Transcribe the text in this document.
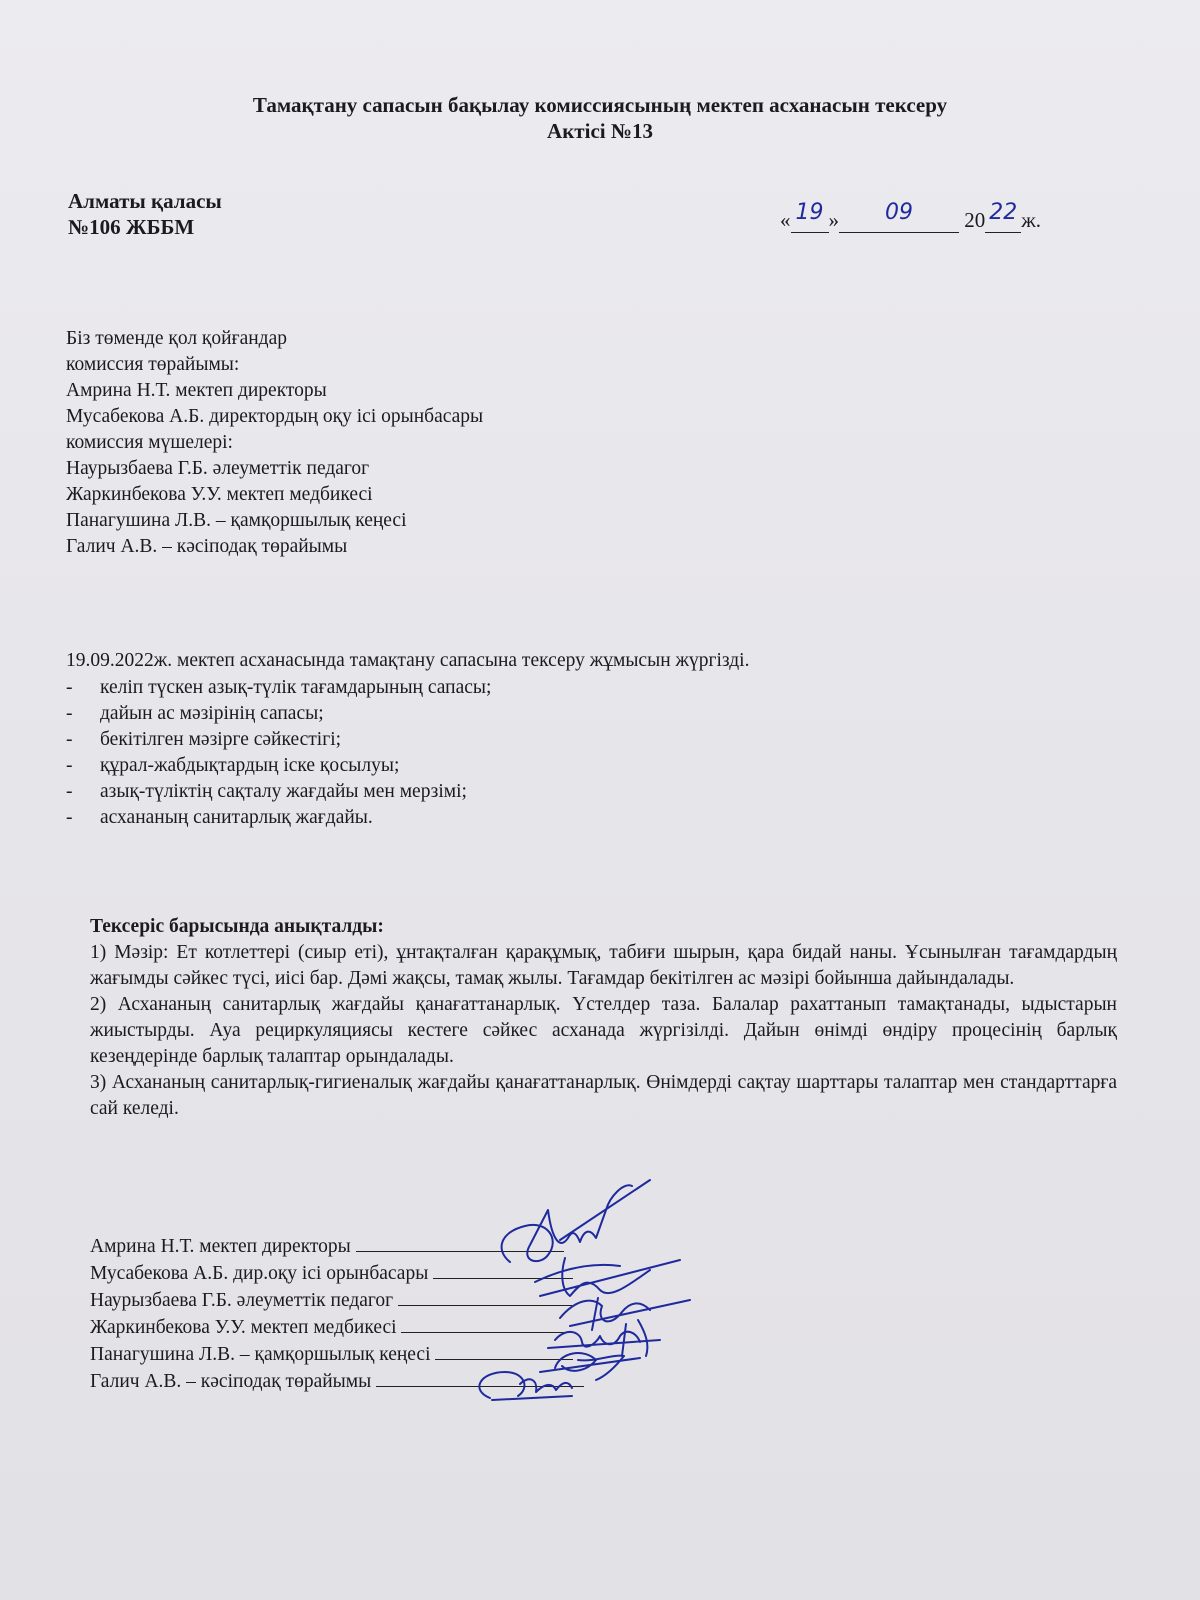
Тамақтану сапасын бақылау комиссиясының мектеп асханасын тексеру
Актісі №13
Алматы қаласы
№106 ЖББМ	« 19 » 09 20 22 ж.
Біз төменде қол қойғандар
комиссия төрайымы:
Амрина Н.Т. мектеп директоры
Мусабекова А.Б. директордың оқу ісі орынбасары
комиссия мүшелері:
Наурызбаева Г.Б. әлеуметтік педагог
Жаркинбекова У.У. мектеп медбикесі
Панагушина Л.В. – қамқоршылық кеңесі
Галич А.В. – кәсіподақ төрайымы
19.09.2022ж. мектеп асханасында тамақтану сапасына тексеру жұмысын жүргізді.
- келіп түскен азық-түлік тағамдарының сапасы;
- дайын ас мәзірінің сапасы;
- бекітілген мәзірге сәйкестігі;
- құрал-жабдықтардың іске қосылуы;
- азық-түліктің сақталу жағдайы мен мерзімі;
- асхананың санитарлық жағдайы.
Тексеріс барысында анықталды:

1) Мәзір: Ет котлеттері (сиыр еті), ұнтақталған қарақұмық, табиғи шырын, қара бидай наны. Ұсынылған тағамдардың жағымды сәйкес түсі, иісі бар. Дәмі жақсы, тамақ жылы. Тағамдар бекітілген ас мәзірі бойынша дайындалады.

2) Асхананың санитарлық жағдайы қанағаттанарлық. Үстелдер таза. Балалар рахаттанып тамақтанады, ыдыстарын жиыстырды. Ауа рециркуляциясы кестеге сәйкес асханада жүргізілді. Дайын өнімді өндіру процесінің барлық кезеңдерінде барлық талаптар орындалады.

3) Асхананың санитарлық-гигиеналық жағдайы қанағаттанарлық. Өнімдерді сақтау шарттары талаптар мен стандарттарға сай келеді.

Амрина Н.Т. мектеп директоры
Мусабекова А.Б. дир.оқу ісі орынбасары
Наурызбаева Г.Б. әлеуметтік педагог
Жаркинбекова У.У. мектеп медбикесі
Панагушина Л.В. – қамқоршылық кеңесі
Галич А.В. – кәсіподақ төрайымы
